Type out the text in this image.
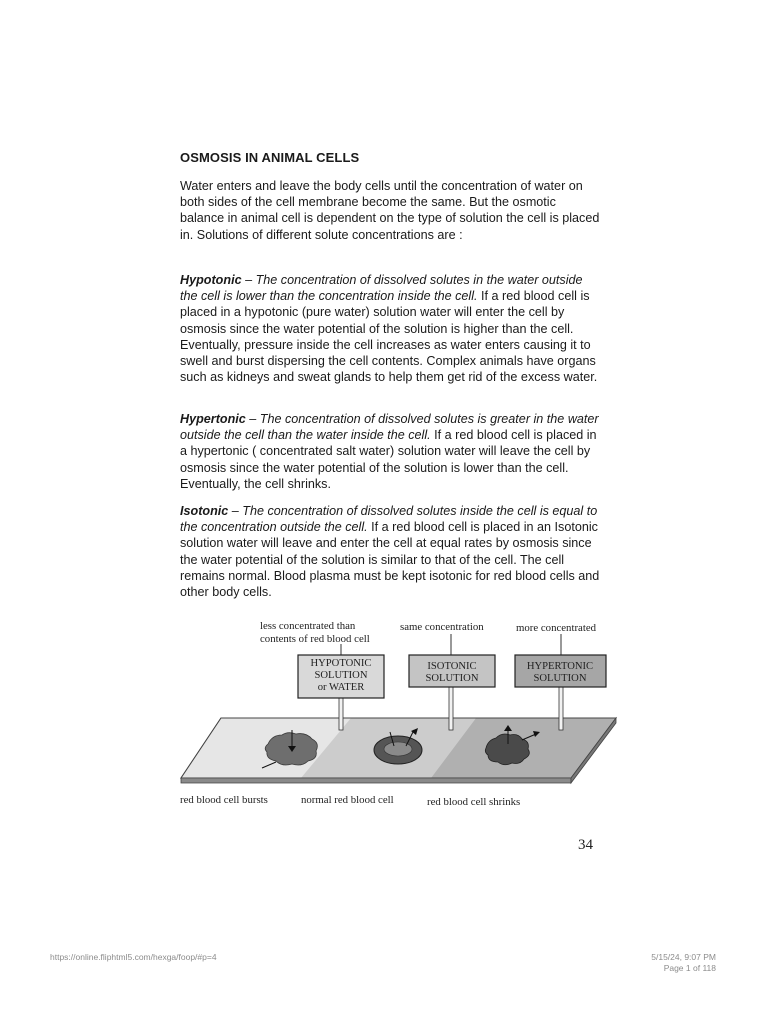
OSMOSIS IN ANIMAL CELLS
Water enters and leave the body cells until the concentration of water on both sides of the cell membrane become the same. But the osmotic balance in animal cell is dependent on the type of solution the cell is placed in. Solutions of different solute concentrations are :
Hypotonic – The concentration of dissolved solutes in the water outside the cell is lower than the concentration inside the cell. If a red blood cell is placed in a hypotonic (pure water) solution water will enter the cell by osmosis since the water potential of the solution is higher than the cell. Eventually, pressure inside the cell increases as water enters causing it to swell and burst dispersing the cell contents. Complex animals have organs such as kidneys and sweat glands to help them get rid of the excess water.
Hypertonic – The concentration of dissolved solutes is greater in the water outside the cell than the water inside the cell. If a red blood cell is placed in a hypertonic ( concentrated salt water) solution water will leave the cell by osmosis since the water potential of the solution is lower than the cell. Eventually, the cell shrinks.
Isotonic – The concentration of dissolved solutes inside the cell is equal to the concentration outside the cell. If a red blood cell is placed in an Isotonic solution water will leave and enter the cell at equal rates by osmosis since the water potential of the solution is similar to that of the cell. The cell remains normal. Blood plasma must be kept isotonic for red blood cells and other body cells.
less concentrated than
contents of red blood cell
same concentration	more concentrated
HYPOTONIC
SOLUTION
or WATER
ISOTONIC
SOLUTION
HYPERTONIC
SOLUTION
red blood cell bursts	normal red blood cell	red blood cell shrinks
34
https://online.fliphtml5.com/hexga/foop/#p=4	5/15/24, 9:07 PM
Page 1 of 118
